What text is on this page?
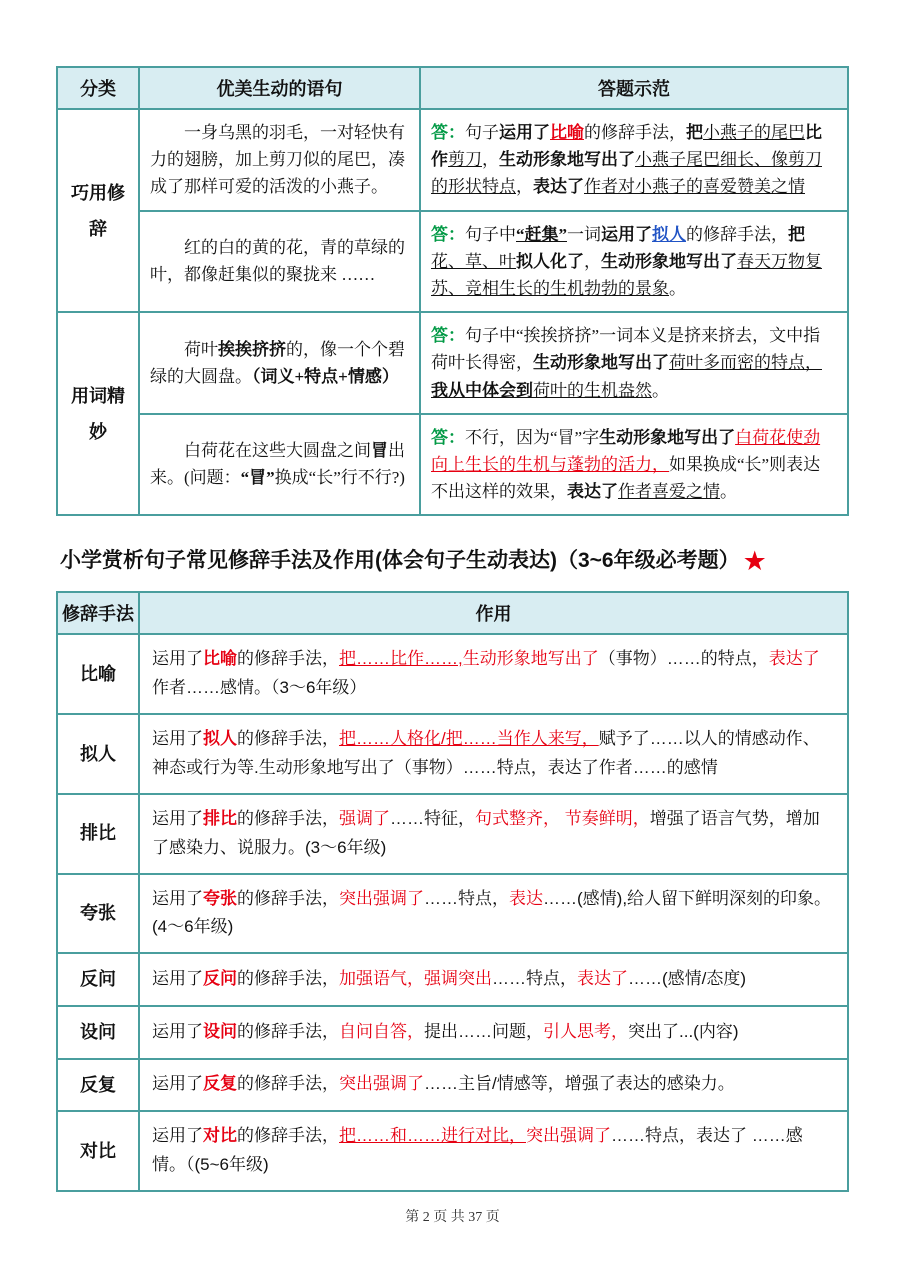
分类	优美生动的语句	答题示范
巧用修辞	一身乌黑的羽毛，一对轻快有力的翅膀，加上剪刀似的尾巴，凑成了那样可爱的活泼的小燕子。	答：句子运用了比喻的修辞手法，把小燕子的尾巴比作剪刀，生动形象地写出了小燕子尾巴细长、像剪刀的形状特点，表达了作者对小燕子的喜爱赞美之情
	红的白的黄的花，青的草绿的叶，都像赶集似的聚拢来 ……	答：句子中“赶集”一词运用了拟人的修辞手法，把花、草、叶拟人化了，生动形象地写出了春天万物复苏、竞相生长的生机勃勃的景象。
用词精妙	荷叶挨挨挤挤的，像一个个碧绿的大圆盘。（词义+特点+情感）	答：句子中“挨挨挤挤”一词本义是挤来挤去，文中指荷叶长得密，生动形象地写出了荷叶多而密的特点，我从中体会到荷叶的生机盎然。
	白荷花在这些大圆盘之间冒出来。(问题：“冒”换成“长”行不行?)	答：不行，因为“冒”字生动形象地写出了白荷花使劲向上生长的生机与蓬勃的活力，如果换成“长”则表达不出这样的效果，表达了作者喜爱之情。
小学赏析句子常见修辞手法及作用(体会句子生动表达)（3~6年级必考题） ★
修辞手法	作用
比喻	运用了比喻的修辞手法，把……比作……,生动形象地写出了（事物）……的特点，表达了作者……感情。（3～6年级）
拟人	运用了拟人的修辞手法，把……人格化/把……当作人来写，赋予了……以人的情感动作、神态或行为等.生动形象地写出了（事物）……特点，表达了作者……的感情
排比	运用了排比的修辞手法，强调了……特征，句式整齐， 节奏鲜明，增强了语言气势，增加了感染力、说服力。(3～6年级)
夸张	运用了夸张的修辞手法，突出强调了……特点，表达……(感情),给人留下鲜明深刻的印象。(4～6年级)
反问	运用了反问的修辞手法，加强语气，强调突出……特点，表达了……(感情/态度)
设问	运用了设问的修辞手法，自问自答，提出……问题，引人思考，突出了...(内容)
反复	运用了反复的修辞手法，突出强调了……主旨/情感等，增强了表达的感染力。
对比	运用了对比的修辞手法，把……和……进行对比，突出强调了……特点，表达了 ……感情。（(5~6年级)
第 2 页 共 37 页
